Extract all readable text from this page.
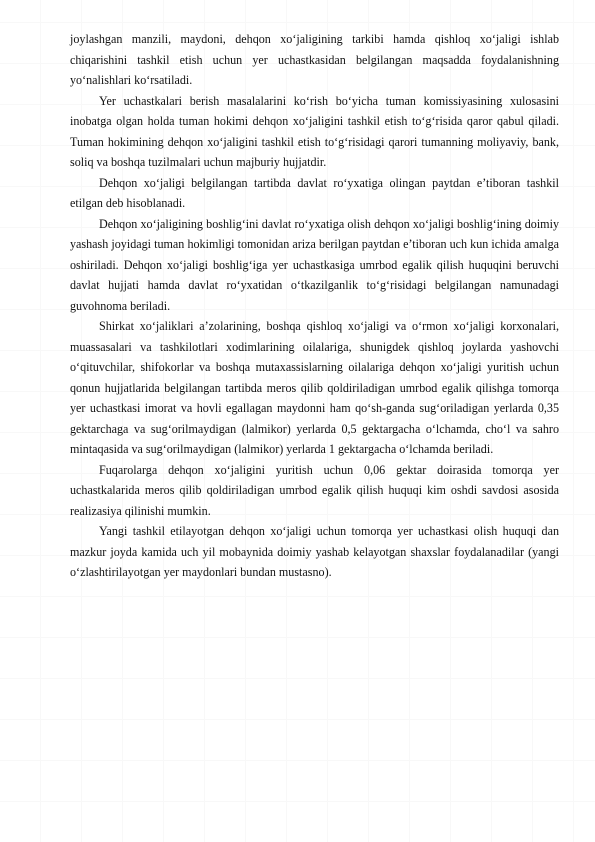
joylashgan manzili, maydoni, dehqon xo‘jaligining tarkibi hamda qishloq xo‘jaligi ishlab chiqarishini tashkil etish uchun yer uchastkasidan belgilangan maqsadda foydalanishning yo‘nalishlari ko‘rsatiladi.

Yer uchastkalari berish masalalarini ko‘rish bo‘yicha tuman komissiyasining xulosasini inobatga olgan holda tuman hokimi dehqon xo‘jaligini tashkil etish to‘g‘risida qaror qabul qiladi. Tuman hokimining dehqon xo‘jaligini tashkil etish to‘g‘risidagi qarori tumanning moliyaviy, bank, soliq va boshqa tuzilmalari uchun majburiy hujjatdir.

Dehqon xo‘jaligi belgilangan tartibda davlat ro‘yxatiga olingan paytdan e’tiboran tashkil etilgan deb hisoblanadi.

Dehqon xo‘jaligining boshlig‘ini davlat ro‘yxatiga olish dehqon xo‘jaligi boshlig‘ining doimiy yashash joyidagi tuman hokimligi tomonidan ariza berilgan paytdan e’tiboran uch kun ichida amalga oshiriladi. Dehqon xo‘jaligi boshlig‘iga yer uchastkasiga umrbod egalik qilish huquqini beruvchi davlat hujjati hamda davlat ro‘yxatidan o‘tkazilganlik to‘g‘risidagi belgilangan namunadagi guvohnoma beriladi.

Shirkat xo‘jaliklari a’zolarining, boshqa qishloq xo‘jaligi va o‘rmon xo‘jaligi korxonalari, muassasalari va tashkilotlari xodimlarining oilalariga, shunigdek qishloq joylarda yashovchi o‘qituvchilar, shifokorlar va boshqa mutaxassislarning oilalariga dehqon xo‘jaligi yuritish uchun qonun hujjatlarida belgilangan tartibda meros qilib qoldiriladigan umrbod egalik qilishga tomorqa yer uchastkasi imorat va hovli egallagan maydonni ham qo‘sh-ganda sug‘oriladigan yerlarda 0,35 gektarchaga va sug‘orilmaydigan (lalmikor) yerlarda 0,5 gektargacha o‘lchamda, cho‘l va sahro mintaqasida va sug‘orilmaydigan (lalmikor) yerlarda 1 gektargacha o‘lchamda beriladi.

Fuqarolarga dehqon xo‘jaligini yuritish uchun 0,06 gektar doirasida tomorqa yer uchastkalarida meros qilib qoldiriladigan umrbod egalik qilish huquqi kim oshdi savdosi asosida realizasiya qilinishi mumkin.

Yangi tashkil etilayotgan dehqon xo‘jaligi uchun tomorqa yer uchastkasi olish huquqi dan mazkur joyda kamida uch yil mobaynida doimiy yashab kelayotgan shaxslar foydalanadilar (yangi o‘zlashtirilayotgan yer maydonlari bundan mustasno).
